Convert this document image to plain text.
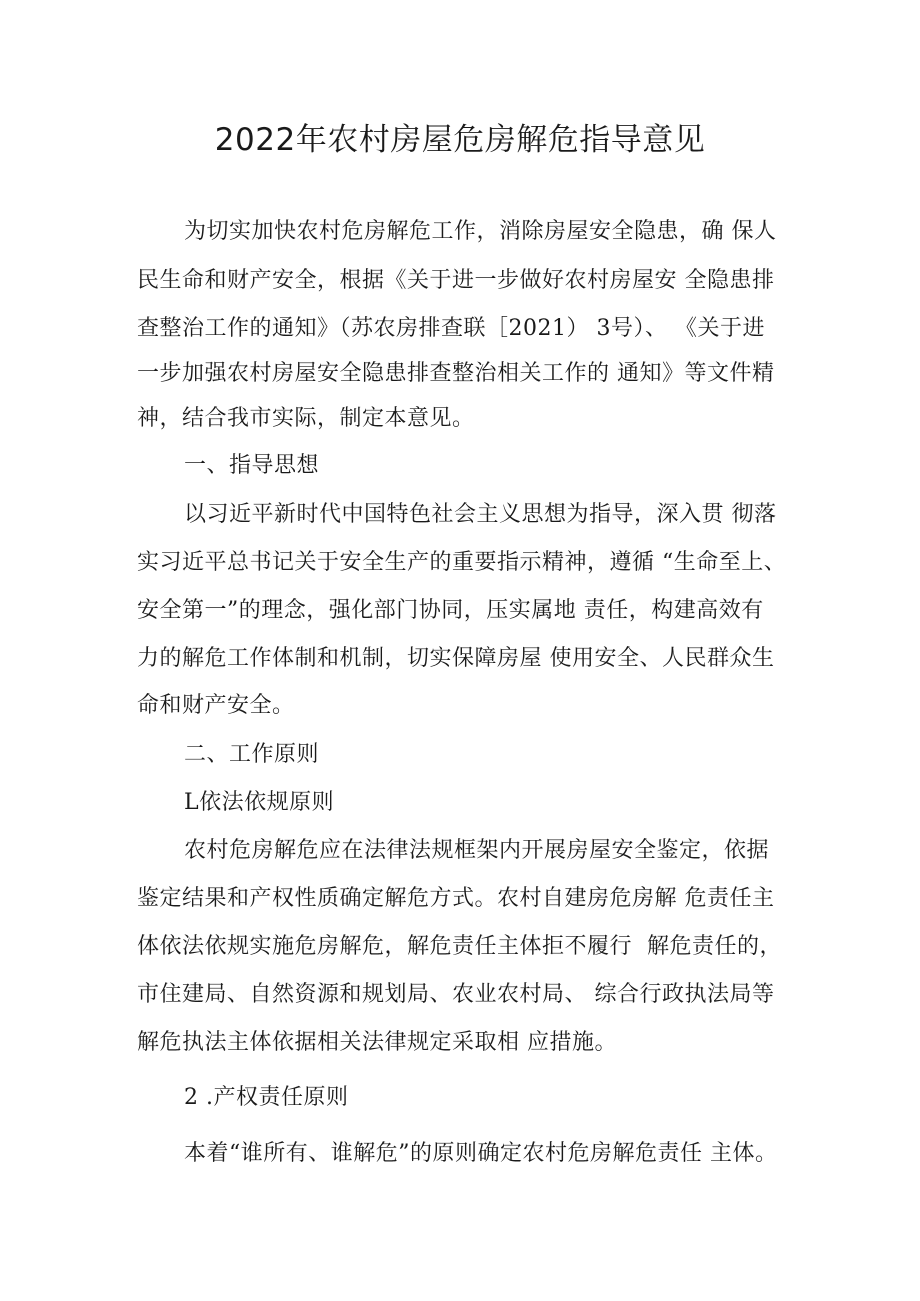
2022年农村房屋危房解危指导意见
为切实加快农村危房解危工作，消除房屋安全隐患，确 保人
民生命和财产安全，根据《关于进一步做好农村房屋安 全隐患排
查整治工作的通知》（苏农房排查联［2021） 3号）、 《关于进
一步加强农村房屋安全隐患排查整治相关工作的 通知》等文件精
神，结合我市实际，制定本意见。
一、指导思想
以习近平新时代中国特色社会主义思想为指导，深入贯 彻落
实习近平总书记关于安全生产的重要指示精神，遵循 “生命至上、
安全第一”的理念，强化部门协同，压实属地 责任，构建高效有
力的解危工作体制和机制，切实保障房屋 使用安全、人民群众生
命和财产安全。
二、工作原则
L依法依规原则
农村危房解危应在法律法规框架内开展房屋安全鉴定，依据
鉴定结果和产权性质确定解危方式。农村自建房危房解 危责任主
体依法依规实施危房解危，解危责任主体拒不履行  解危责任的，
市住建局、自然资源和规划局、农业农村局、 综合行政执法局等
解危执法主体依据相关法律规定采取相 应措施。
2 .产权责任原则
本着“谁所有、谁解危”的原则确定农村危房解危责任 主体。
